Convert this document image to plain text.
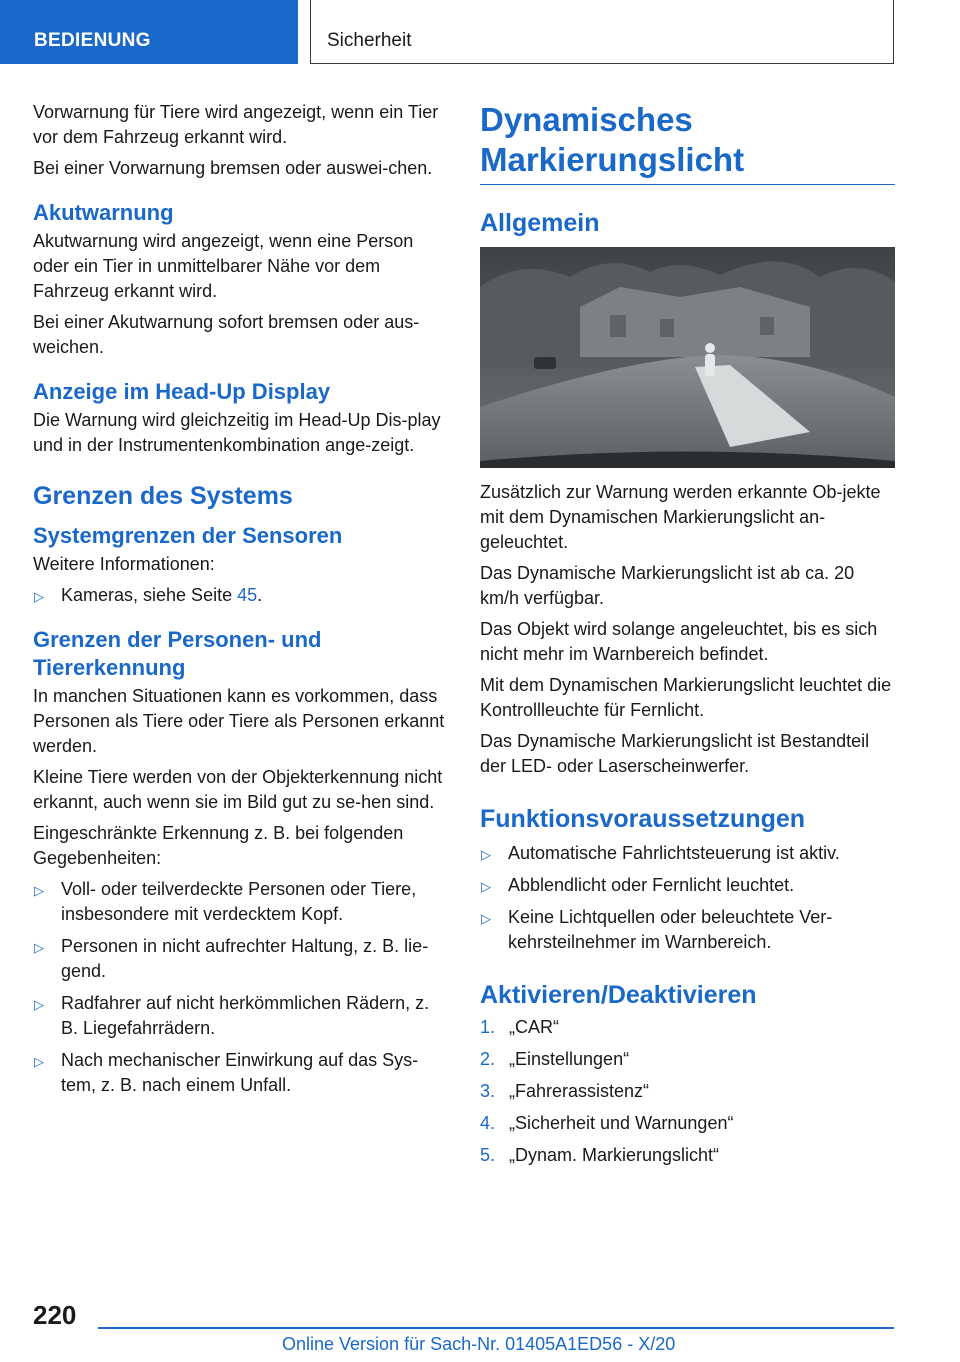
BEDIENUNG	Sicherheit

Vorwarnung für Tiere wird angezeigt, wenn ein Tier vor dem Fahrzeug erkannt wird.

Bei einer Vorwarnung bremsen oder auswei-chen.

Akutwarnung

Akutwarnung wird angezeigt, wenn eine Person oder ein Tier in unmittelbarer Nähe vor dem Fahrzeug erkannt wird.

Bei einer Akutwarnung sofort bremsen oder aus-weichen.

Anzeige im Head-Up Display

Die Warnung wird gleichzeitig im Head-Up Dis-play und in der Instrumentenkombination ange-zeigt.

Grenzen des Systems
Systemgrenzen der Sensoren

Weitere Informationen:

▷ Kameras, siehe Seite 45.
Grenzen der Personen- und Tiererkennung

In manchen Situationen kann es vorkommen, dass Personen als Tiere oder Tiere als Personen erkannt werden.

Kleine Tiere werden von der Objekterkennung nicht erkannt, auch wenn sie im Bild gut zu se-hen sind.

Eingeschränkte Erkennung z. B. bei folgenden Gegebenheiten:

▷ Voll- oder teilverdeckte Personen oder Tiere, insbesondere mit verdecktem Kopf.
▷ Personen in nicht aufrechter Haltung, z. B. lie-gend.
▷ Radfahrer auf nicht herkömmlichen Rädern, z. B. Liegefahrrädern.
▷ Nach mechanischer Einwirkung auf das Sys-tem, z. B. nach einem Unfall.
Dynamisches Markierungslicht
Allgemein

Zusätzlich zur Warnung werden erkannte Ob-jekte mit dem Dynamischen Markierungslicht an-geleuchtet.

Das Dynamische Markierungslicht ist ab ca. 20 km/h verfügbar.

Das Objekt wird solange angeleuchtet, bis es sich nicht mehr im Warnbereich befindet.

Mit dem Dynamischen Markierungslicht leuchtet die Kontrollleuchte für Fernlicht.

Das Dynamische Markierungslicht ist Bestandteil der LED- oder Laserscheinwerfer.

Funktionsvoraussetzungen
▷ Automatische Fahrlichtsteuerung ist aktiv.
▷ Abblendlicht oder Fernlicht leuchtet.
▷ Keine Lichtquellen oder beleuchtete Ver-kehrsteilnehmer im Warnbereich.
Aktivieren/Deaktivieren
1. „CAR“
2. „Einstellungen“
3. „Fahrerassistenz“
4. „Sicherheit und Warnungen“
5. „Dynam. Markierungslicht“
220
Online Version für Sach-Nr. 01405A1ED56 - X/20
